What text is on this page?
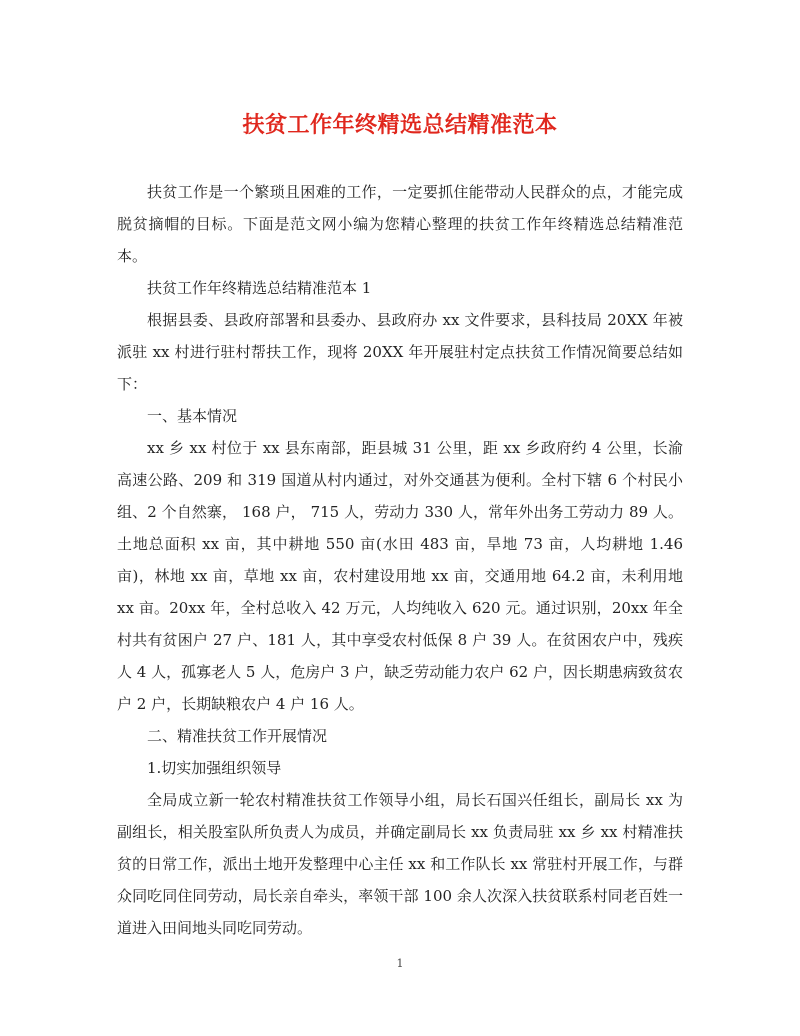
扶贫工作年终精选总结精准范本

扶贫工作是一个繁琐且困难的工作，一定要抓住能带动人民群众的点，才能完成脱贫摘帽的目标。下面是范文网小编为您精心整理的扶贫工作年终精选总结精准范本。

扶贫工作年终精选总结精准范本 1

根据县委、县政府部署和县委办、县政府办 xx 文件要求，县科技局 20XX 年被派驻 xx 村进行驻村帮扶工作，现将 20XX 年开展驻村定点扶贫工作情况简要总结如下：

一、基本情况

xx 乡 xx 村位于 xx 县东南部，距县城 31 公里，距 xx 乡政府约 4 公里，长渝高速公路、209 和 319 国道从村内通过，对外交通甚为便利。全村下辖 6 个村民小组、2 个自然寨， 168 户， 715 人，劳动力 330 人，常年外出务工劳动力 89 人。土地总面积 xx 亩，其中耕地 550 亩(水田 483 亩，旱地 73 亩，人均耕地 1.46 亩)，林地 xx 亩，草地 xx 亩，农村建设用地 xx 亩，交通用地 64.2 亩，未利用地 xx 亩。20xx 年，全村总收入 42 万元，人均纯收入 620 元。通过识别，20xx 年全村共有贫困户 27 户、181 人，其中享受农村低保 8 户 39 人。在贫困农户中，残疾人 4 人，孤寡老人 5 人，危房户 3 户，缺乏劳动能力农户 62 户，因长期患病致贫农户 2 户，长期缺粮农户 4 户 16 人。

二、精准扶贫工作开展情况

1.切实加强组织领导

全局成立新一轮农村精准扶贫工作领导小组，局长石国兴任组长，副局长 xx 为副组长，相关股室队所负责人为成员，并确定副局长 xx 负责局驻 xx 乡 xx 村精准扶贫的日常工作，派出土地开发整理中心主任 xx 和工作队长 xx 常驻村开展工作，与群众同吃同住同劳动，局长亲自牵头，率领干部 100 余人次深入扶贫联系村同老百姓一道进入田间地头同吃同劳动。

1
